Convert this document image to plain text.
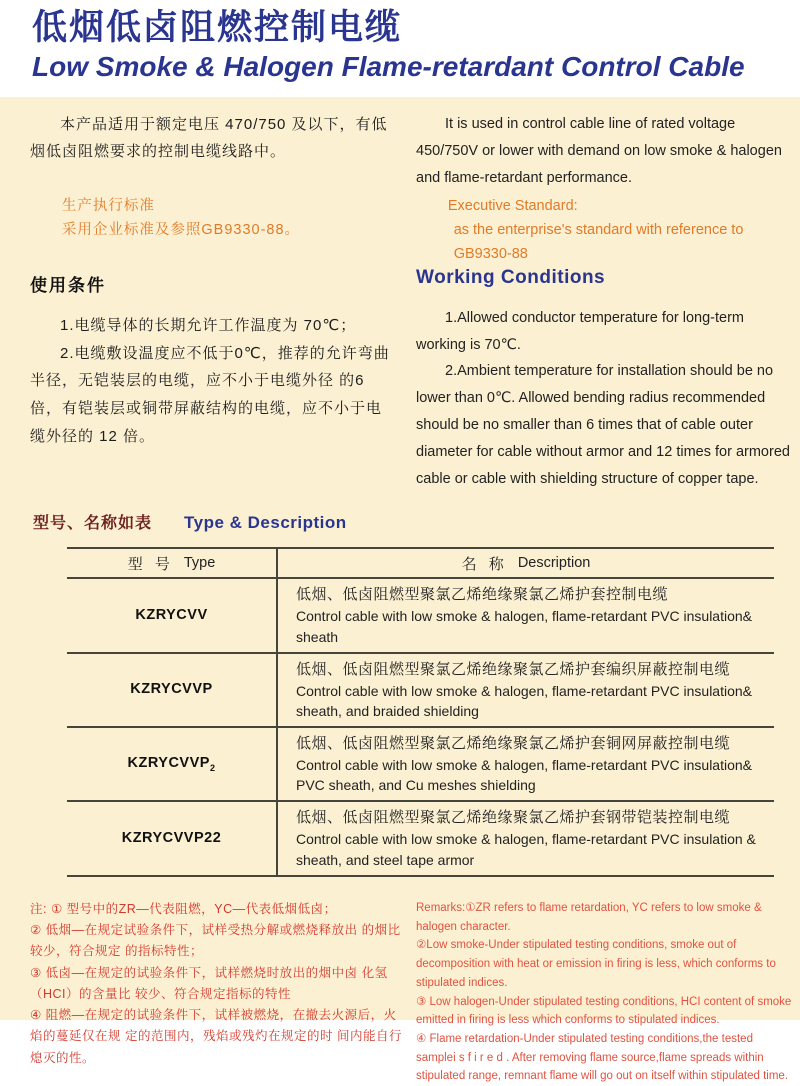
低烟低卤阻燃控制电缆
Low Smoke & Halogen Flame-retardant Control Cable
本产品适用于额定电压 470/750 及以下，有低烟低卤阻燃要求的控制电缆线路中。
It is used in control cable line of rated voltage 450/750V or lower with demand on low smoke & halogen and flame-retardant performance.

生产执行标准

采用企业标准及参照GB9330-88。

Executive Standard:

as the enterprise's standard with reference to GB9330-88

使用条件

1.电缆导体的长期允许工作温度为 70℃；

2.电缆敷设温度应不低于0℃，推荐的允许弯曲半径，无铠装层的电缆，应不小于电缆外径 的6 倍，有铠装层或铜带屏蔽结构的电缆，应不小于电缆外径的 12 倍。

Working Conditions

1.Allowed conductor temperature for long-term working is 70℃.

2.Ambient temperature for installation should be no lower than 0℃. Allowed bending radius recommended should be no smaller than 6 times that of cable outer diameter for cable without armor and 12 times for armored cable or cable with shielding structure of copper tape.

型号、名称如表 Type & Description
型 号 Type	名 称 Description
KZRYCVV
低烟、低卤阻燃型聚氯乙烯绝缘聚氯乙烯护套控制电缆
Control cable with low smoke & halogen, flame-retardant PVC insulation& sheath
KZRYCVVP
低烟、低卤阻燃型聚氯乙烯绝缘聚氯乙烯护套编织屏蔽控制电缆
Control cable with low smoke & halogen, flame-retardant PVC insulation& sheath, and braided shielding
$KZRYCVVP_2$
低烟、低卤阻燃型聚氯乙烯绝缘聚氯乙烯护套铜网屏蔽控制电缆
Control cable with low smoke & halogen, flame-retardant PVC insulation& PVC sheath, and Cu meshes shielding
KZRYCVVP22
低烟、低卤阻燃型聚氯乙烯绝缘聚氯乙烯护套钢带铠装控制电缆
Control cable with low smoke & halogen, flame-retardant PVC insulation & sheath, and steel tape armor
注: ① 型号中的ZR—代表阻燃，YC—代表低烟低卤；
② 低烟—在规定试验条件下，试样受热分解或燃烧释放出 的烟比较少，符合规定 的指标特性；
③ 低卤—在规定的试验条件下，试样燃烧时放出的烟中卤 化氢（HCI）的含量比 较少、符合规定指标的特性
④ 阻燃—在规定的试验条件下，试样被燃烧，在撤去火源后，火焰的蔓延仅在规 定的范围内，残焰或残灼在规定的时 间内能自行熄灭的性。
Remarks:①ZR refers to flame retardation, YC refers to low smoke & halogen character.
②Low smoke-Under stipulated testing conditions, smoke out of decomposition with heat or emission in firing is less, which conforms to stipulated indices.
③ Low halogen-Under stipulated testing conditions, HCI content of smoke emitted in firing is less which conforms to stipulated indices.
④ Flame retardation-Under stipulated testing conditions,the tested samplei s f i r e d . After removing flame source,flame spreads within stipulated range, remnant flame will go out on itself within stipulated time.
